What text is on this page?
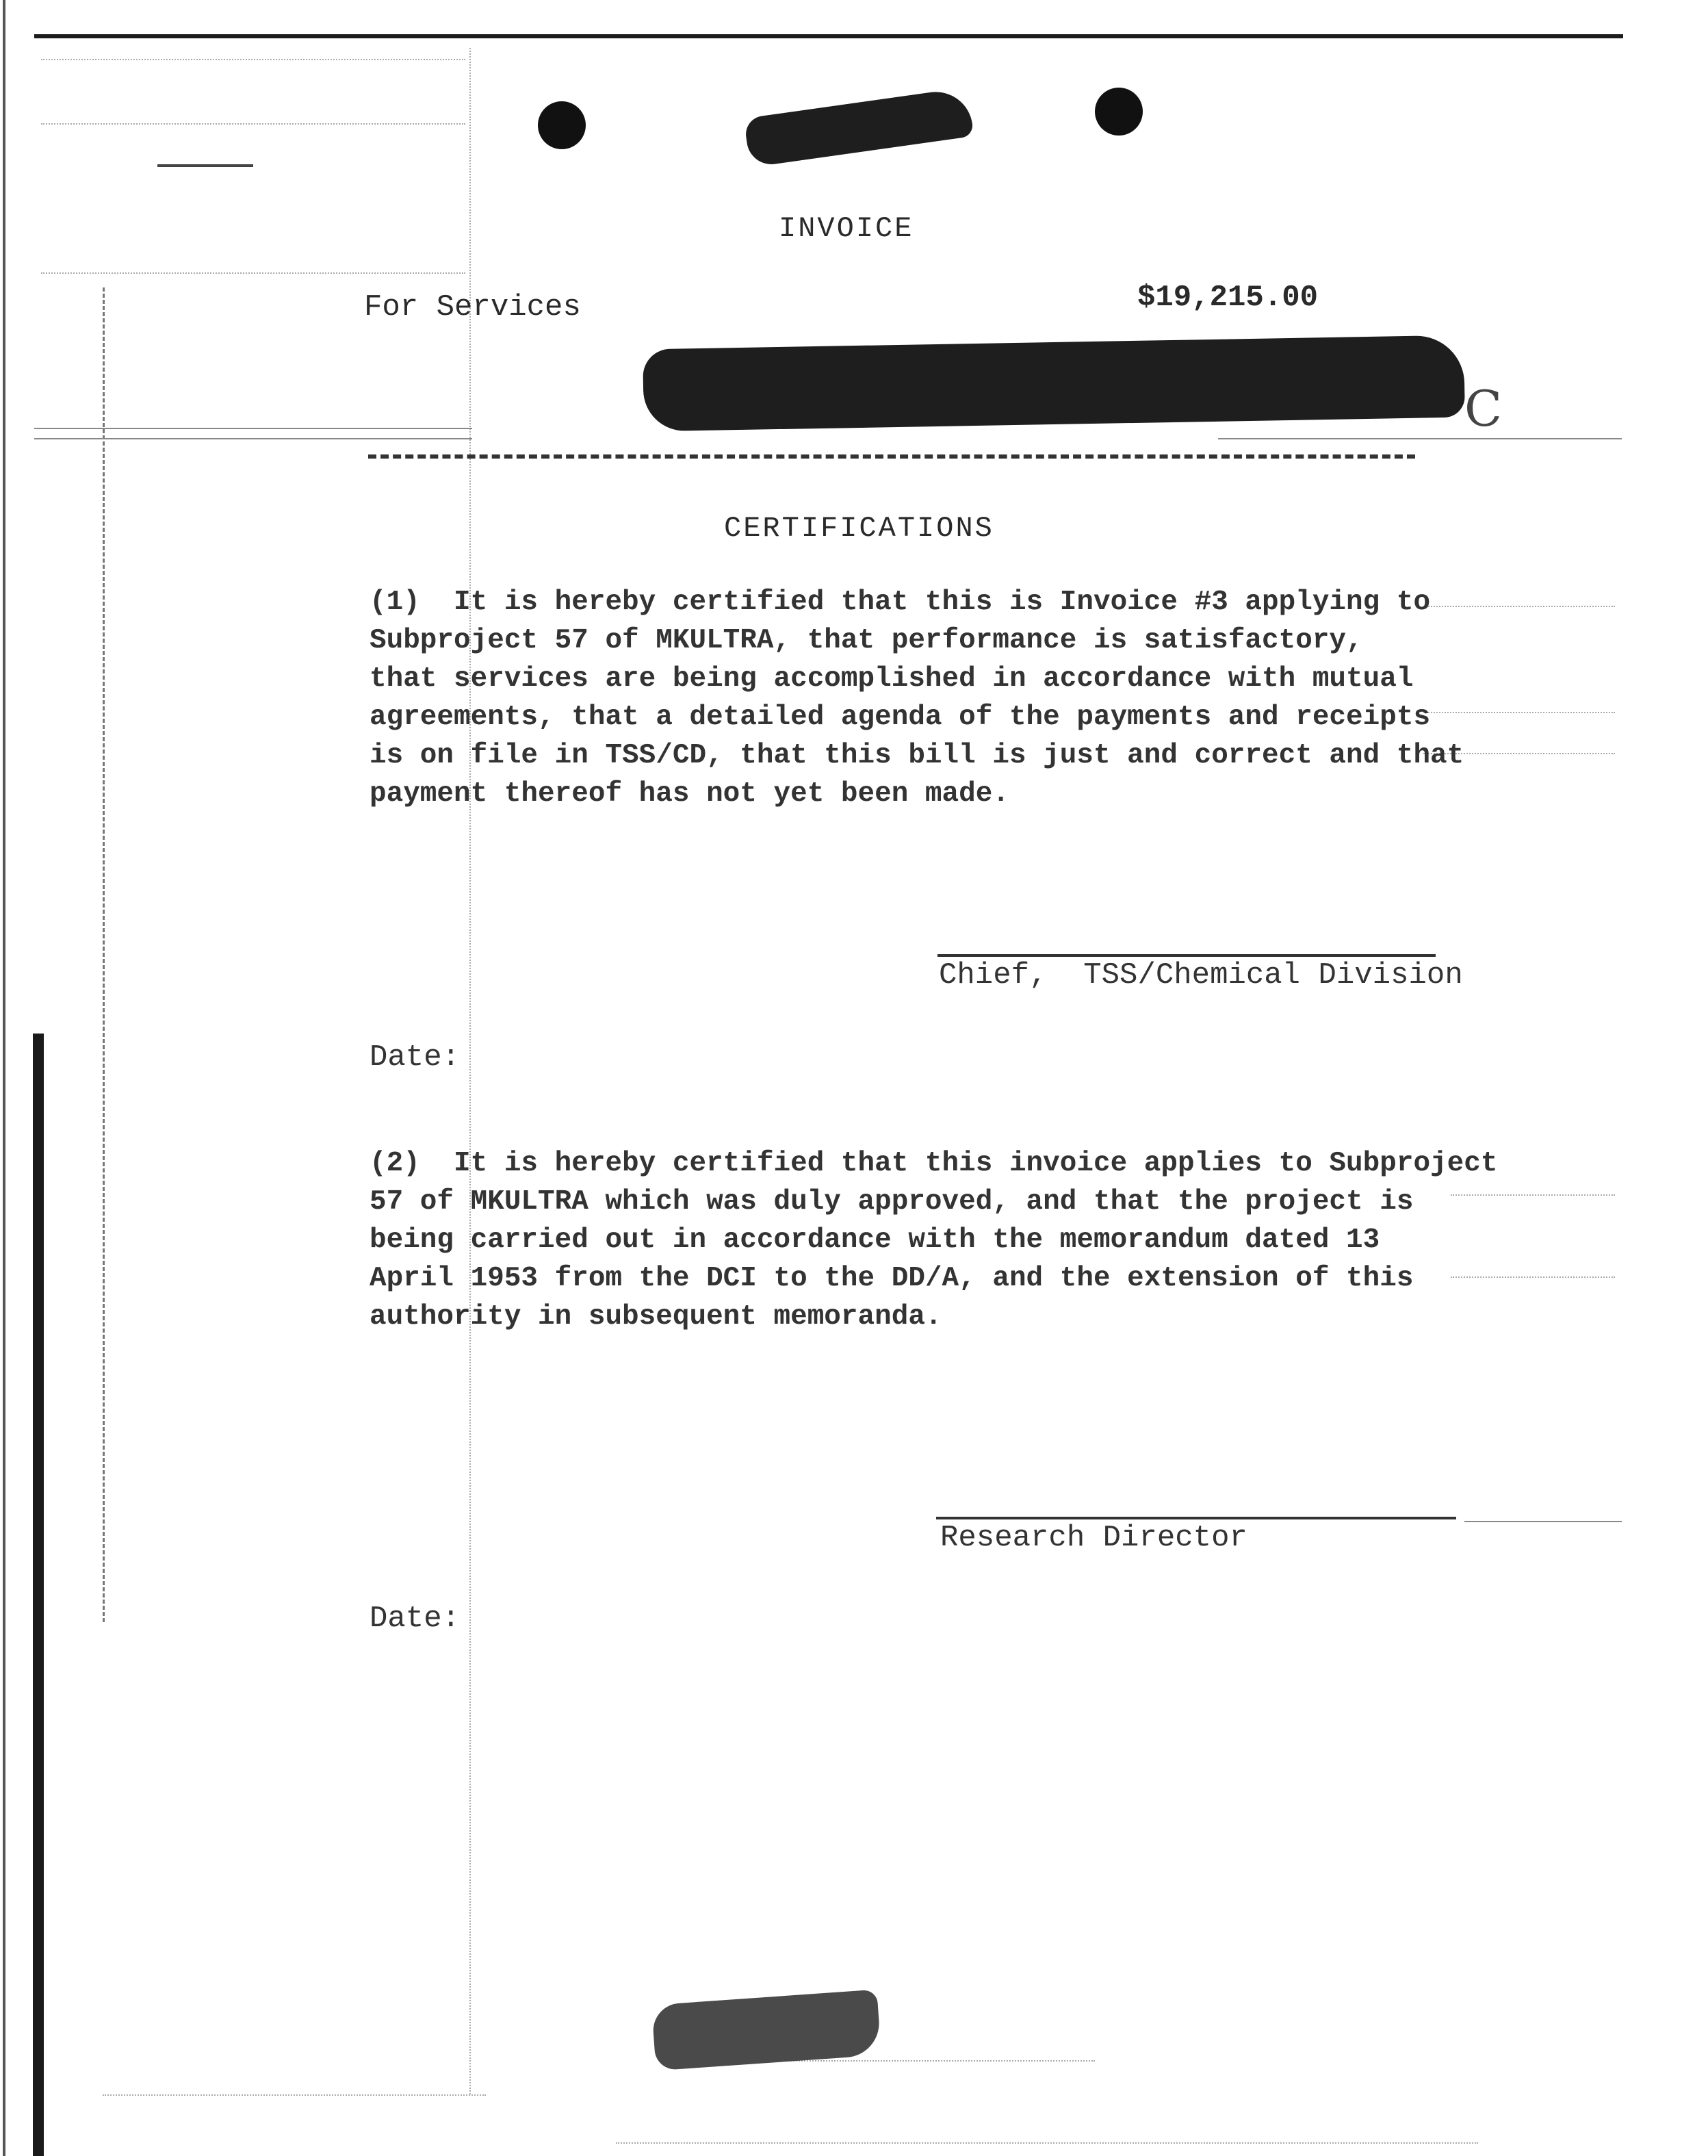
INVOICE
For Services	$19,215.00
C
CERTIFICATIONS
(1)  It is hereby certified that this is Invoice #3 applying to
Subproject 57 of MKULTRA, that performance is satisfactory,
that services are being accomplished in accordance with mutual
agreements, that a detailed agenda of the payments and receipts
is on file in TSS/CD, that this bill is just and correct and that
payment thereof has not yet been made.
Chief,  TSS/Chemical Division
Date:
(2)  It is hereby certified that this invoice applies to Subproject
57 of MKULTRA which was duly approved, and that the project is
being carried out in accordance with the memorandum dated 13
April 1953 from the DCI to the DD/A, and the extension of this
authority in subsequent memoranda.
Research Director
Date:
